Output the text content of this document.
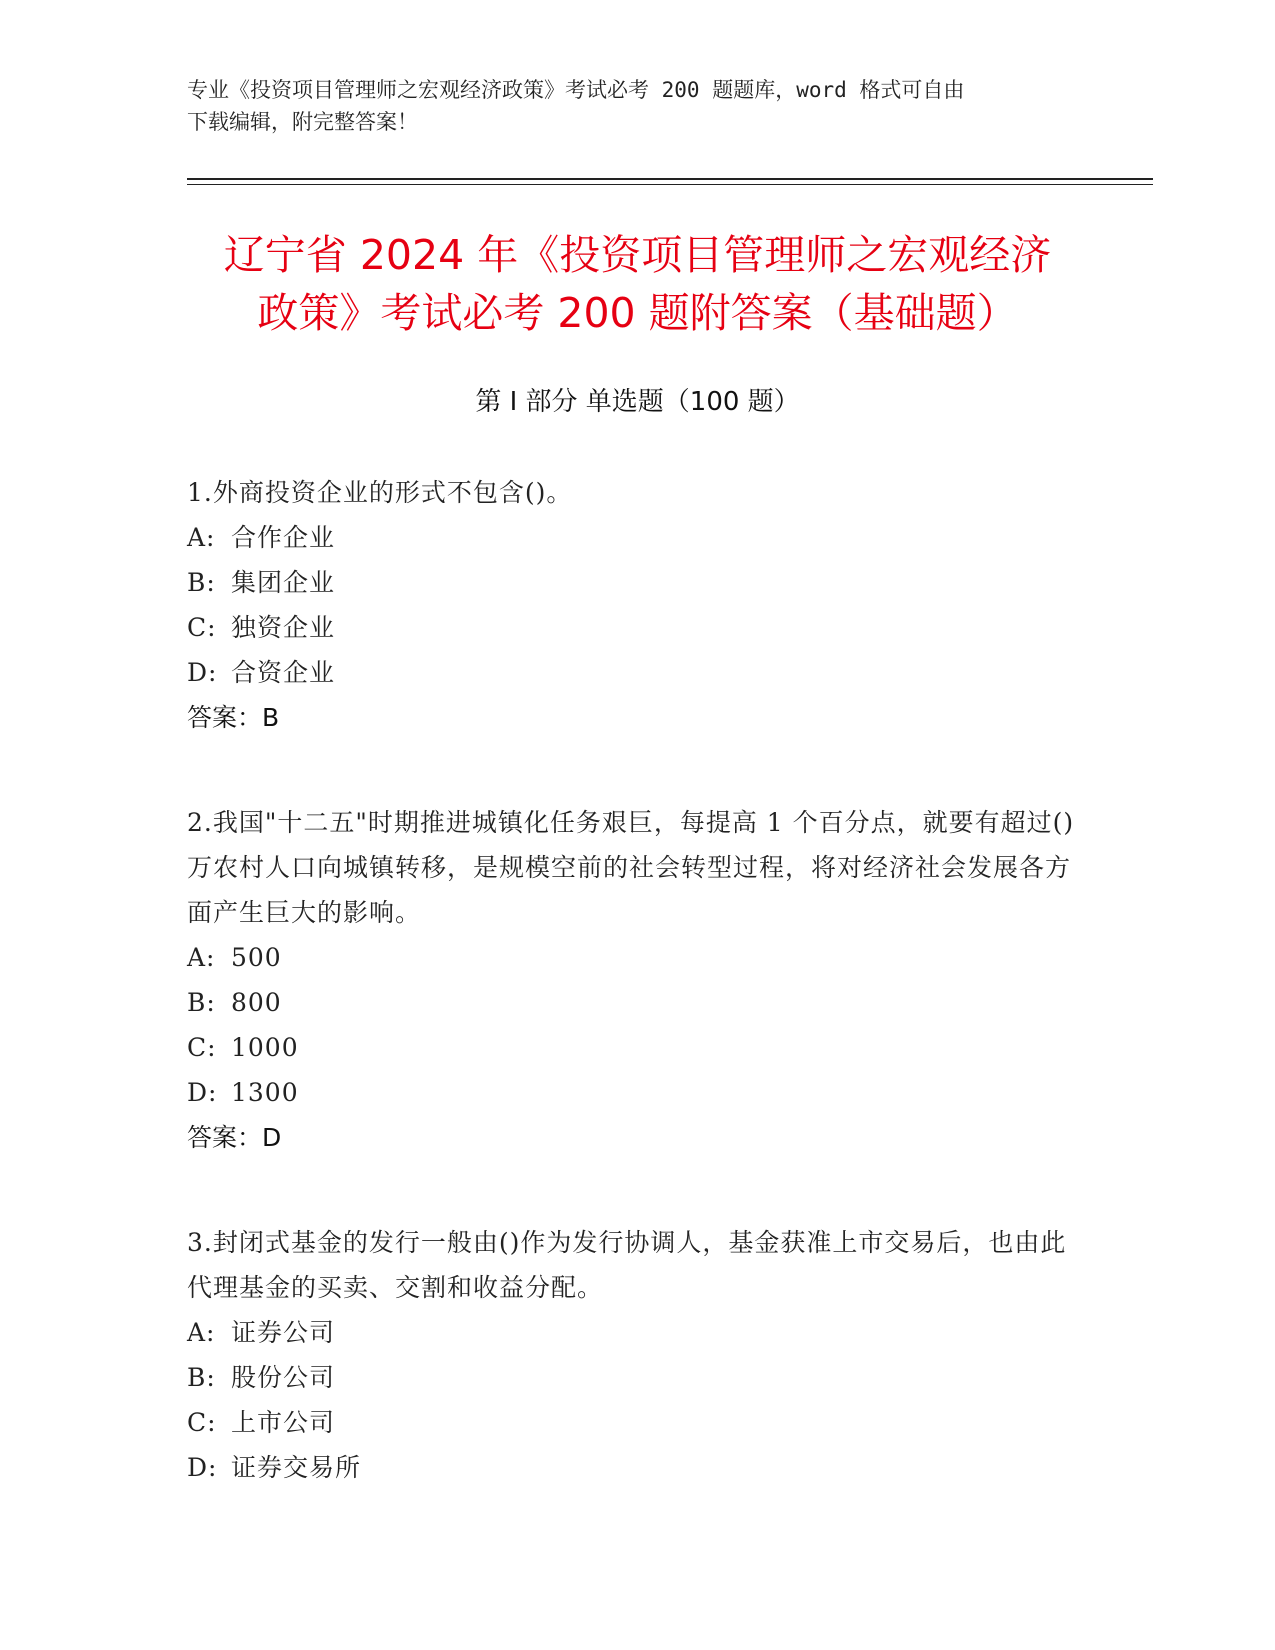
专业《投资项目管理师之宏观经济政策》考试必考 200 题题库，word 格式可自由
下载编辑，附完整答案！
辽宁省 2024 年《投资项目管理师之宏观经济
政策》考试必考 200 题附答案（基础题）
第 I 部分 单选题（100 题）
1.外商投资企业的形式不包含()。
A: 合作企业
B: 集团企业
C: 独资企业
D: 合资企业
答案：B
2.我国"十二五"时期推进城镇化任务艰巨，每提高 1 个百分点，就要有超过()万农村人口向城镇转移，是规模空前的社会转型过程，将对经济社会发展各方面产生巨大的影响。
A: 500
B: 800
C: 1000
D: 1300
答案：D
3.封闭式基金的发行一般由()作为发行协调人，基金获准上市交易后，也由此代理基金的买卖、交割和收益分配。
A: 证券公司
B: 股份公司
C: 上市公司
D: 证券交易所
